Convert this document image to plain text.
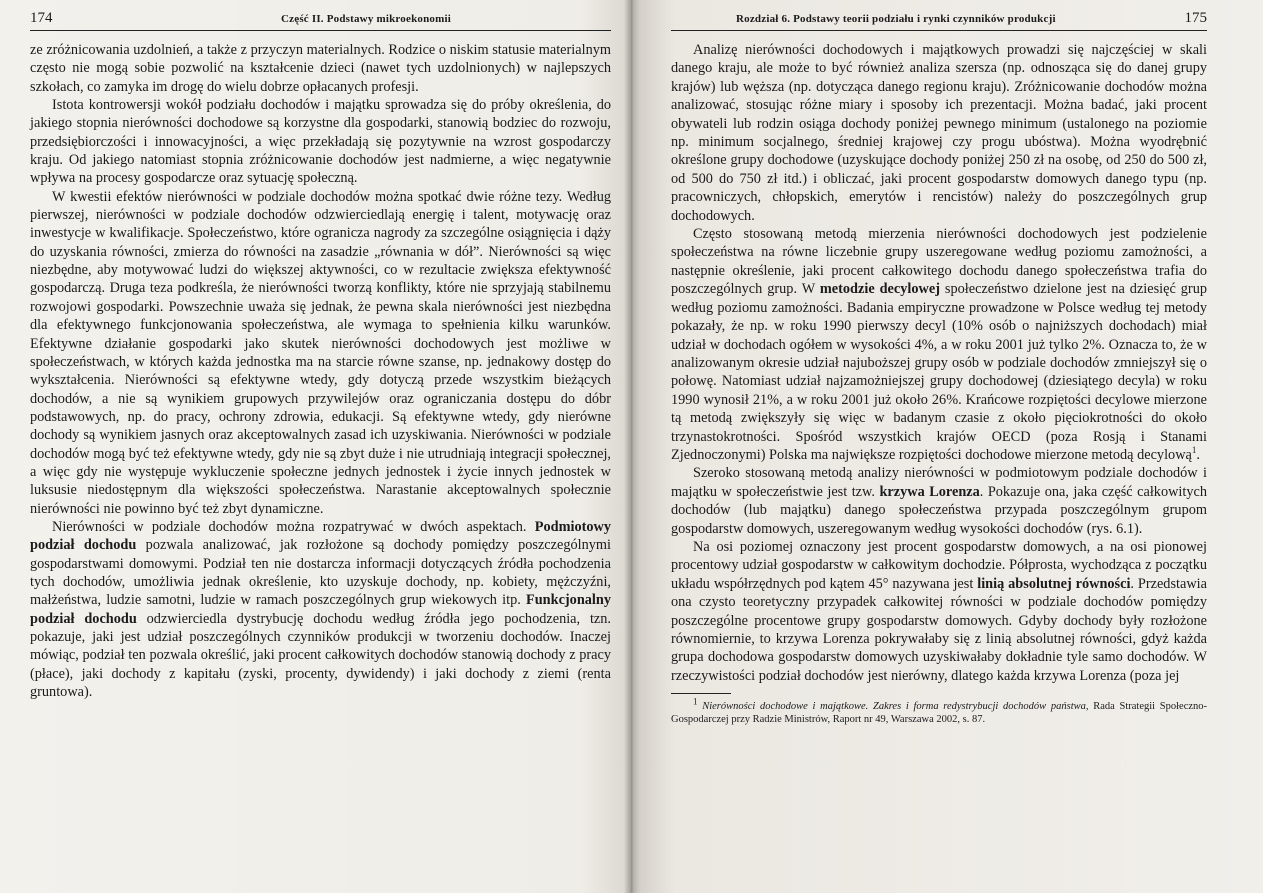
174	Część II. Podstawy mikroekonomii

ze zróżnicowania uzdolnień, a także z przyczyn materialnych. Rodzice o niskim statusie materialnym często nie mogą sobie pozwolić na kształcenie dzieci (nawet tych uzdolnionych) w najlepszych szkołach, co zamyka im drogę do wielu dobrze opłacanych profesji.

Istota kontrowersji wokół podziału dochodów i majątku sprowadza się do próby określenia, do jakiego stopnia nierówności dochodowe są korzystne dla gospodarki, stanowią bodziec do rozwoju, przedsiębiorczości i innowacyjności, a więc przekładają się pozytywnie na wzrost gospodarczy kraju. Od jakiego natomiast stopnia zróżnicowanie dochodów jest nadmierne, a więc negatywnie wpływa na procesy gospodarcze oraz sytuację społeczną.

W kwestii efektów nierówności w podziale dochodów można spotkać dwie różne tezy. Według pierwszej, nierówności w podziale dochodów odzwierciedlają energię i talent, motywację oraz inwestycje w kwalifikacje. Społeczeństwo, które ogranicza nagrody za szczególne osiągnięcia i dąży do uzyskania równości, zmierza do równości na zasadzie „równania w dół”. Nierówności są więc niezbędne, aby motywować ludzi do większej aktywności, co w rezultacie zwiększa efektywność gospodarczą. Druga teza podkreśla, że nierówności tworzą konflikty, które nie sprzyjają stabilnemu rozwojowi gospodarki. Powszechnie uważa się jednak, że pewna skala nierówności jest niezbędna dla efektywnego funkcjonowania społeczeństwa, ale wymaga to spełnienia kilku warunków. Efektywne działanie gospodarki jako skutek nierówności dochodowych jest możliwe w społeczeństwach, w których każda jednostka ma na starcie równe szanse, np. jednakowy dostęp do wykształcenia. Nierówności są efektywne wtedy, gdy dotyczą przede wszystkim bieżących dochodów, a nie są wynikiem grupowych przywilejów oraz ograniczania dostępu do dóbr podstawowych, np. do pracy, ochrony zdrowia, edukacji. Są efektywne wtedy, gdy nierówne dochody są wynikiem jasnych oraz akceptowalnych zasad ich uzyskiwania. Nierówności w podziale dochodów mogą być też efektywne wtedy, gdy nie są zbyt duże i nie utrudniają integracji społecznej, a więc gdy nie występuje wykluczenie społeczne jednych jednostek i życie innych jednostek w luksusie niedostępnym dla większości społeczeństwa. Narastanie akceptowalnych społecznie nierówności nie powinno być też zbyt dynamiczne.

Nierówności w podziale dochodów można rozpatrywać w dwóch aspektach. Podmiotowy podział dochodu pozwala analizować, jak rozłożone są dochody pomiędzy poszczególnymi gospodarstwami domowymi. Podział ten nie dostarcza informacji dotyczących źródła pochodzenia tych dochodów, umożliwia jednak określenie, kto uzyskuje dochody, np. kobiety, mężczyźni, małżeństwa, ludzie samotni, ludzie w ramach poszczególnych grup wiekowych itp. Funkcjonalny podział dochodu odzwierciedla dystrybucję dochodu według źródła jego pochodzenia, tzn. pokazuje, jaki jest udział poszczególnych czynników produkcji w tworzeniu dochodów. Inaczej mówiąc, podział ten pozwala określić, jaki procent całkowitych dochodów stanowią dochody z pracy (płace), jaki dochody z kapitału (zyski, procenty, dywidendy) i jaki dochody z ziemi (renta gruntowa).

Rozdział 6. Podstawy teorii podziału i rynki czynników produkcji	175

Analizę nierówności dochodowych i majątkowych prowadzi się najczęściej w skali danego kraju, ale może to być również analiza szersza (np. odnosząca się do danej grupy krajów) lub węższa (np. dotycząca danego regionu kraju). Zróżnicowanie dochodów można analizować, stosując różne miary i sposoby ich prezentacji. Można badać, jaki procent obywateli lub rodzin osiąga dochody poniżej pewnego minimum (ustalonego na poziomie np. minimum socjalnego, średniej krajowej czy progu ubóstwa). Można wyodrębnić określone grupy dochodowe (uzyskujące dochody poniżej 250 zł na osobę, od 250 do 500 zł, od 500 do 750 zł itd.) i obliczać, jaki procent gospodarstw domowych danego typu (np. pracowniczych, chłopskich, emerytów i rencistów) należy do poszczególnych grup dochodowych.

Często stosowaną metodą mierzenia nierówności dochodowych jest podzielenie społeczeństwa na równe liczebnie grupy uszeregowane według poziomu zamożności, a następnie określenie, jaki procent całkowitego dochodu danego społeczeństwa trafia do poszczególnych grup. W metodzie decylowej społeczeństwo dzielone jest na dziesięć grup według poziomu zamożności. Badania empiryczne prowadzone w Polsce według tej metody pokazały, że np. w roku 1990 pierwszy decyl (10% osób o najniższych dochodach) miał udział w dochodach ogółem w wysokości 4%, a w roku 2001 już tylko 2%. Oznacza to, że w analizowanym okresie udział najuboższej grupy osób w podziale dochodów zmniejszył się o połowę. Natomiast udział najzamożniejszej grupy dochodowej (dziesiątego decyla) w roku 1990 wynosił 21%, a w roku 2001 już około 26%. Krańcowe rozpiętości decylowe mierzone tą metodą zwiększyły się więc w badanym czasie z około pięciokrotności do około trzynastokrotności. Spośród wszystkich krajów OECD (poza Rosją i Stanami Zjednoczonymi) Polska ma największe rozpiętości dochodowe mierzone metodą decylową$^1$.

Szeroko stosowaną metodą analizy nierówności w podmiotowym podziale dochodów i majątku w społeczeństwie jest tzw. krzywa Lorenza. Pokazuje ona, jaka część całkowitych dochodów (lub majątku) danego społeczeństwa przypada poszczególnym grupom gospodarstw domowych, uszeregowanym według wysokości dochodów (rys. 6.1).

Na osi poziomej oznaczony jest procent gospodarstw domowych, a na osi pionowej procentowy udział gospodarstw w całkowitym dochodzie. Półprosta, wychodząca z początku układu współrzędnych pod kątem 45° nazywana jest linią absolutnej równości. Przedstawia ona czysto teoretyczny przypadek całkowitej równości w podziale dochodów pomiędzy poszczególne procentowe grupy gospodarstw domowych. Gdyby dochody były rozłożone równomiernie, to krzywa Lorenza pokrywałaby się z linią absolutnej równości, gdyż każda grupa dochodowa gospodarstw domowych uzyskiwałaby dokładnie tyle samo dochodów. W rzeczywistości podział dochodów jest nierówny, dlatego każda krzywa Lorenza (poza jej

$^1$ Nierówności dochodowe i majątkowe. Zakres i forma redystrybucji dochodów państwa, Rada Strategii Społeczno-Gospodarczej przy Radzie Ministrów, Raport nr 49, Warszawa 2002, s. 87.
